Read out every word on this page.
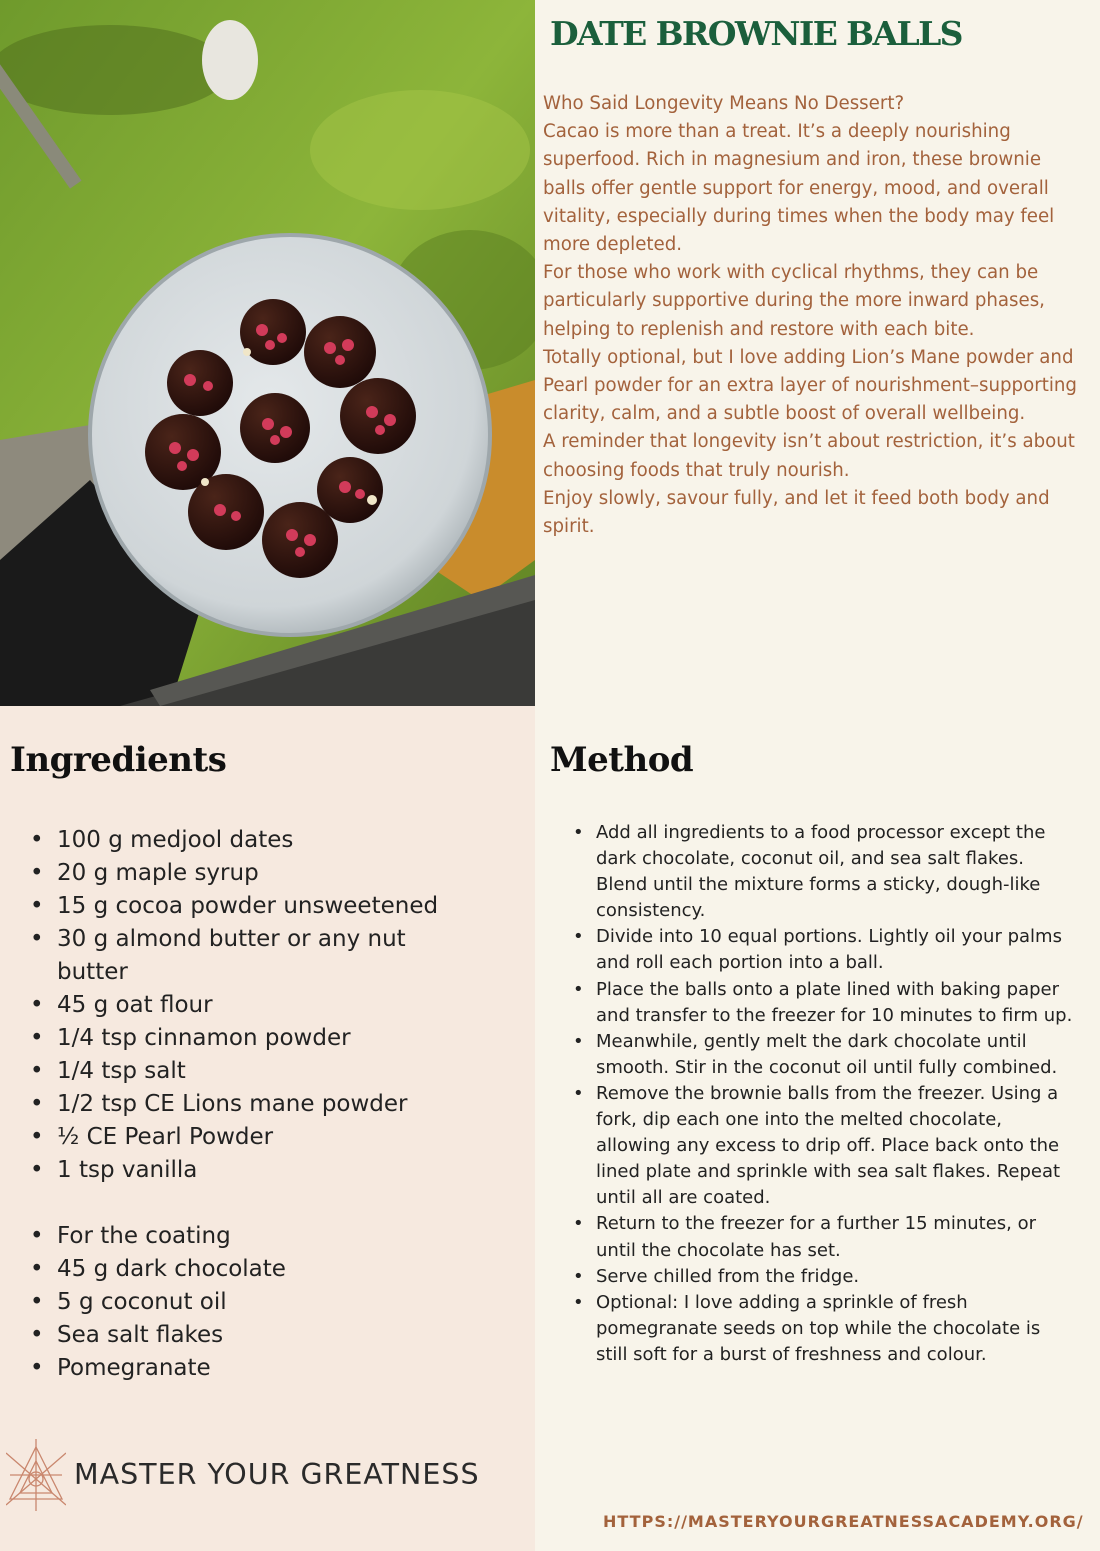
DATE BROWNIE BALLS

Who Said Longevity Means No Dessert?

Cacao is more than a treat. It’s a deeply nourishing superfood. Rich in magnesium and iron, these brownie balls offer gentle support for energy, mood, and overall vitality, especially during times when the body may feel more depleted.

For those who work with cyclical rhythms, they can be particularly supportive during the more inward phases, helping to replenish and restore with each bite.

Totally optional, but I love adding Lion’s Mane powder and Pearl powder for an extra layer of nourishment–supporting clarity, calm, and a subtle boost of overall wellbeing.

A reminder that longevity isn’t about restriction, it’s about choosing foods that truly nourish.

Enjoy slowly, savour fully, and let it feed both body and spirit.

Ingredients
• 100 g medjool dates
• 20 g maple syrup
• 15 g cocoa powder unsweetened
• 30 g almond butter or any nut butter
• 45 g oat flour
• 1/4 tsp cinnamon powder
• 1/4 tsp salt
• 1/2 tsp CE Lions mane powder
• ½ CE Pearl Powder
• 1 tsp vanilla
• For the coating
• 45 g dark chocolate
• 5 g coconut oil
• Sea salt flakes
• Pomegranate
MASTER YOUR GREATNESS
Method
• Add all ingredients to a food processor except the dark chocolate, coconut oil, and sea salt flakes. Blend until the mixture forms a sticky, dough-like consistency.
• Divide into 10 equal portions. Lightly oil your palms and roll each portion into a ball.
• Place the balls onto a plate lined with baking paper and transfer to the freezer for 10 minutes to firm up.
• Meanwhile, gently melt the dark chocolate until smooth. Stir in the coconut oil until fully combined.
• Remove the brownie balls from the freezer. Using a fork, dip each one into the melted chocolate, allowing any excess to drip off. Place back onto the lined plate and sprinkle with sea salt flakes. Repeat until all are coated.
• Return to the freezer for a further 15 minutes, or until the chocolate has set.
• Serve chilled from the fridge.
• Optional: I love adding a sprinkle of fresh pomegranate seeds on top while the chocolate is still soft for a burst of freshness and colour.
HTTPS://MASTERYOURGREATNESSACADEMY.ORG/
